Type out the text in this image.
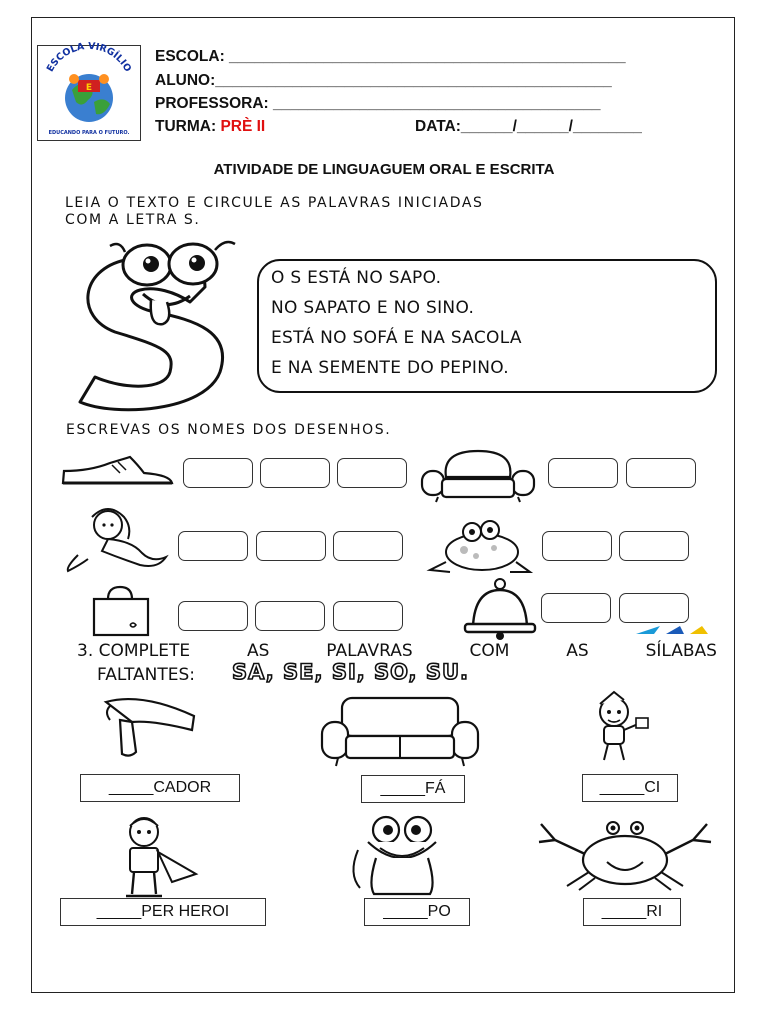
ESCOLA VIRGÍLIO
E
EDUCANDO PARA O FUTURO.
ESCOLA: ______________________________________________
ALUNO:______________________________________________
PROFESSORA: ______________________________________
TURMA: PRÈ II	DATA:______/______/________
ATIVIDADE DE LINGUAGUEM ORAL E ESCRITA
LEIA O TEXTO E CIRCULE AS PALAVRAS INICIADAS
COM A LETRA S.
O S ESTÁ NO SAPO.
NO SAPATO E NO SINO.
ESTÁ NO SOFÁ E NA SACOLA
E NA SEMENTE DO PEPINO.
ESCREVAS OS NOMES DOS DESENHOS.
3. COMPLETE	AS	PALAVRAS	COM	AS	SÍLABAS
FALTANTES: SA, SE, SI, SO, SU.
_____CADOR	_____FÁ	_____CI
_____PER HEROI	_____PO	_____RI
